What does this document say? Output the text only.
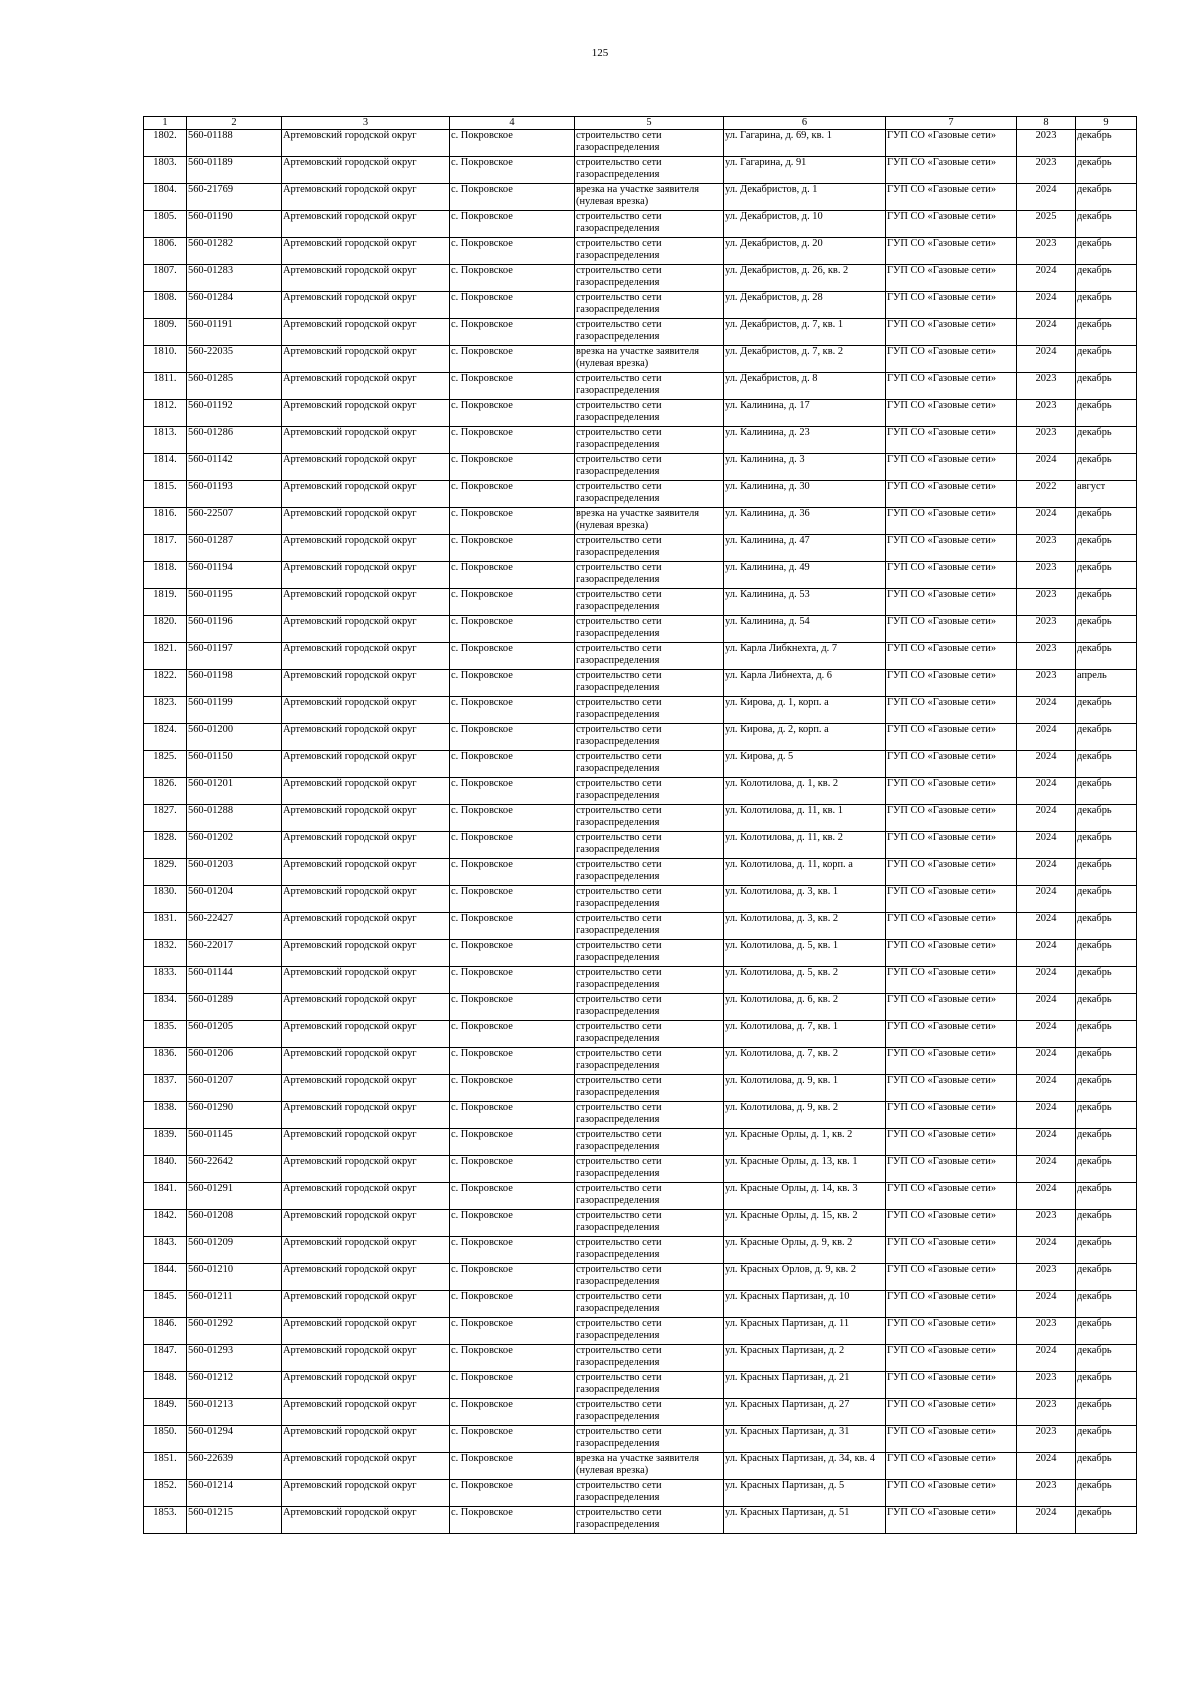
125
1	2	3	4	5	6	7	8	9
1802.	560-01188	Артемовский городской округ	с. Покровское	строительство сети газораспределения	ул. Гагарина, д. 69, кв. 1	ГУП СО «Газовые сети»	2023	декабрь
1803.	560-01189	Артемовский городской округ	с. Покровское	строительство сети газораспределения	ул. Гагарина, д. 91	ГУП СО «Газовые сети»	2023	декабрь
1804.	560-21769	Артемовский городской округ	с. Покровское	врезка на участке заявителя (нулевая врезка)	ул. Декабристов, д. 1	ГУП СО «Газовые сети»	2024	декабрь
1805.	560-01190	Артемовский городской округ	с. Покровское	строительство сети газораспределения	ул. Декабристов, д. 10	ГУП СО «Газовые сети»	2025	декабрь
1806.	560-01282	Артемовский городской округ	с. Покровское	строительство сети газораспределения	ул. Декабристов, д. 20	ГУП СО «Газовые сети»	2023	декабрь
1807.	560-01283	Артемовский городской округ	с. Покровское	строительство сети газораспределения	ул. Декабристов, д. 26, кв. 2	ГУП СО «Газовые сети»	2024	декабрь
1808.	560-01284	Артемовский городской округ	с. Покровское	строительство сети газораспределения	ул. Декабристов, д. 28	ГУП СО «Газовые сети»	2024	декабрь
1809.	560-01191	Артемовский городской округ	с. Покровское	строительство сети газораспределения	ул. Декабристов, д. 7, кв. 1	ГУП СО «Газовые сети»	2024	декабрь
1810.	560-22035	Артемовский городской округ	с. Покровское	врезка на участке заявителя (нулевая врезка)	ул. Декабристов, д. 7, кв. 2	ГУП СО «Газовые сети»	2024	декабрь
1811.	560-01285	Артемовский городской округ	с. Покровское	строительство сети газораспределения	ул. Декабристов, д. 8	ГУП СО «Газовые сети»	2023	декабрь
1812.	560-01192	Артемовский городской округ	с. Покровское	строительство сети газораспределения	ул. Калинина, д. 17	ГУП СО «Газовые сети»	2023	декабрь
1813.	560-01286	Артемовский городской округ	с. Покровское	строительство сети газораспределения	ул. Калинина, д. 23	ГУП СО «Газовые сети»	2023	декабрь
1814.	560-01142	Артемовский городской округ	с. Покровское	строительство сети газораспределения	ул. Калинина, д. 3	ГУП СО «Газовые сети»	2024	декабрь
1815.	560-01193	Артемовский городской округ	с. Покровское	строительство сети газораспределения	ул. Калинина, д. 30	ГУП СО «Газовые сети»	2022	август
1816.	560-22507	Артемовский городской округ	с. Покровское	врезка на участке заявителя (нулевая врезка)	ул. Калинина, д. 36	ГУП СО «Газовые сети»	2024	декабрь
1817.	560-01287	Артемовский городской округ	с. Покровское	строительство сети газораспределения	ул. Калинина, д. 47	ГУП СО «Газовые сети»	2023	декабрь
1818.	560-01194	Артемовский городской округ	с. Покровское	строительство сети газораспределения	ул. Калинина, д. 49	ГУП СО «Газовые сети»	2023	декабрь
1819.	560-01195	Артемовский городской округ	с. Покровское	строительство сети газораспределения	ул. Калинина, д. 53	ГУП СО «Газовые сети»	2023	декабрь
1820.	560-01196	Артемовский городской округ	с. Покровское	строительство сети газораспределения	ул. Калинина, д. 54	ГУП СО «Газовые сети»	2023	декабрь
1821.	560-01197	Артемовский городской округ	с. Покровское	строительство сети газораспределения	ул. Карла Либкнехта, д. 7	ГУП СО «Газовые сети»	2023	декабрь
1822.	560-01198	Артемовский городской округ	с. Покровское	строительство сети газораспределения	ул. Карла Либнехта, д. 6	ГУП СО «Газовые сети»	2023	апрель
1823.	560-01199	Артемовский городской округ	с. Покровское	строительство сети газораспределения	ул. Кирова, д. 1, корп. а	ГУП СО «Газовые сети»	2024	декабрь
1824.	560-01200	Артемовский городской округ	с. Покровское	строительство сети газораспределения	ул. Кирова, д. 2, корп. а	ГУП СО «Газовые сети»	2024	декабрь
1825.	560-01150	Артемовский городской округ	с. Покровское	строительство сети газораспределения	ул. Кирова, д. 5	ГУП СО «Газовые сети»	2024	декабрь
1826.	560-01201	Артемовский городской округ	с. Покровское	строительство сети газораспределения	ул. Колотилова, д. 1, кв. 2	ГУП СО «Газовые сети»	2024	декабрь
1827.	560-01288	Артемовский городской округ	с. Покровское	строительство сети газораспределения	ул. Колотилова, д. 11, кв. 1	ГУП СО «Газовые сети»	2024	декабрь
1828.	560-01202	Артемовский городской округ	с. Покровское	строительство сети газораспределения	ул. Колотилова, д. 11, кв. 2	ГУП СО «Газовые сети»	2024	декабрь
1829.	560-01203	Артемовский городской округ	с. Покровское	строительство сети газораспределения	ул. Колотилова, д. 11, корп. а	ГУП СО «Газовые сети»	2024	декабрь
1830.	560-01204	Артемовский городской округ	с. Покровское	строительство сети газораспределения	ул. Колотилова, д. 3, кв. 1	ГУП СО «Газовые сети»	2024	декабрь
1831.	560-22427	Артемовский городской округ	с. Покровское	строительство сети газораспределения	ул. Колотилова, д. 3, кв. 2	ГУП СО «Газовые сети»	2024	декабрь
1832.	560-22017	Артемовский городской округ	с. Покровское	строительство сети газораспределения	ул. Колотилова, д. 5, кв. 1	ГУП СО «Газовые сети»	2024	декабрь
1833.	560-01144	Артемовский городской округ	с. Покровское	строительство сети газораспределения	ул. Колотилова, д. 5, кв. 2	ГУП СО «Газовые сети»	2024	декабрь
1834.	560-01289	Артемовский городской округ	с. Покровское	строительство сети газораспределения	ул. Колотилова, д. 6, кв. 2	ГУП СО «Газовые сети»	2024	декабрь
1835.	560-01205	Артемовский городской округ	с. Покровское	строительство сети газораспределения	ул. Колотилова, д. 7, кв. 1	ГУП СО «Газовые сети»	2024	декабрь
1836.	560-01206	Артемовский городской округ	с. Покровское	строительство сети газораспределения	ул. Колотилова, д. 7, кв. 2	ГУП СО «Газовые сети»	2024	декабрь
1837.	560-01207	Артемовский городской округ	с. Покровское	строительство сети газораспределения	ул. Колотилова, д. 9, кв. 1	ГУП СО «Газовые сети»	2024	декабрь
1838.	560-01290	Артемовский городской округ	с. Покровское	строительство сети газораспределения	ул. Колотилова, д. 9, кв. 2	ГУП СО «Газовые сети»	2024	декабрь
1839.	560-01145	Артемовский городской округ	с. Покровское	строительство сети газораспределения	ул. Красные Орлы, д. 1, кв. 2	ГУП СО «Газовые сети»	2024	декабрь
1840.	560-22642	Артемовский городской округ	с. Покровское	строительство сети газораспределения	ул. Красные Орлы, д. 13, кв. 1	ГУП СО «Газовые сети»	2024	декабрь
1841.	560-01291	Артемовский городской округ	с. Покровское	строительство сети газораспределения	ул. Красные Орлы, д. 14, кв. 3	ГУП СО «Газовые сети»	2024	декабрь
1842.	560-01208	Артемовский городской округ	с. Покровское	строительство сети газораспределения	ул. Красные Орлы, д. 15, кв. 2	ГУП СО «Газовые сети»	2023	декабрь
1843.	560-01209	Артемовский городской округ	с. Покровское	строительство сети газораспределения	ул. Красные Орлы, д. 9, кв. 2	ГУП СО «Газовые сети»	2024	декабрь
1844.	560-01210	Артемовский городской округ	с. Покровское	строительство сети газораспределения	ул. Красных Орлов, д. 9, кв. 2	ГУП СО «Газовые сети»	2023	декабрь
1845.	560-01211	Артемовский городской округ	с. Покровское	строительство сети газораспределения	ул. Красных Партизан, д. 10	ГУП СО «Газовые сети»	2024	декабрь
1846.	560-01292	Артемовский городской округ	с. Покровское	строительство сети газораспределения	ул. Красных Партизан, д. 11	ГУП СО «Газовые сети»	2023	декабрь
1847.	560-01293	Артемовский городской округ	с. Покровское	строительство сети газораспределения	ул. Красных Партизан, д. 2	ГУП СО «Газовые сети»	2024	декабрь
1848.	560-01212	Артемовский городской округ	с. Покровское	строительство сети газораспределения	ул. Красных Партизан, д. 21	ГУП СО «Газовые сети»	2023	декабрь
1849.	560-01213	Артемовский городской округ	с. Покровское	строительство сети газораспределения	ул. Красных Партизан, д. 27	ГУП СО «Газовые сети»	2023	декабрь
1850.	560-01294	Артемовский городской округ	с. Покровское	строительство сети газораспределения	ул. Красных Партизан, д. 31	ГУП СО «Газовые сети»	2023	декабрь
1851.	560-22639	Артемовский городской округ	с. Покровское	врезка на участке заявителя (нулевая врезка)	ул. Красных Партизан, д. 34, кв. 4	ГУП СО «Газовые сети»	2024	декабрь
1852.	560-01214	Артемовский городской округ	с. Покровское	строительство сети газораспределения	ул. Красных Партизан, д. 5	ГУП СО «Газовые сети»	2023	декабрь
1853.	560-01215	Артемовский городской округ	с. Покровское	строительство сети газораспределения	ул. Красных Партизан, д. 51	ГУП СО «Газовые сети»	2024	декабрь
